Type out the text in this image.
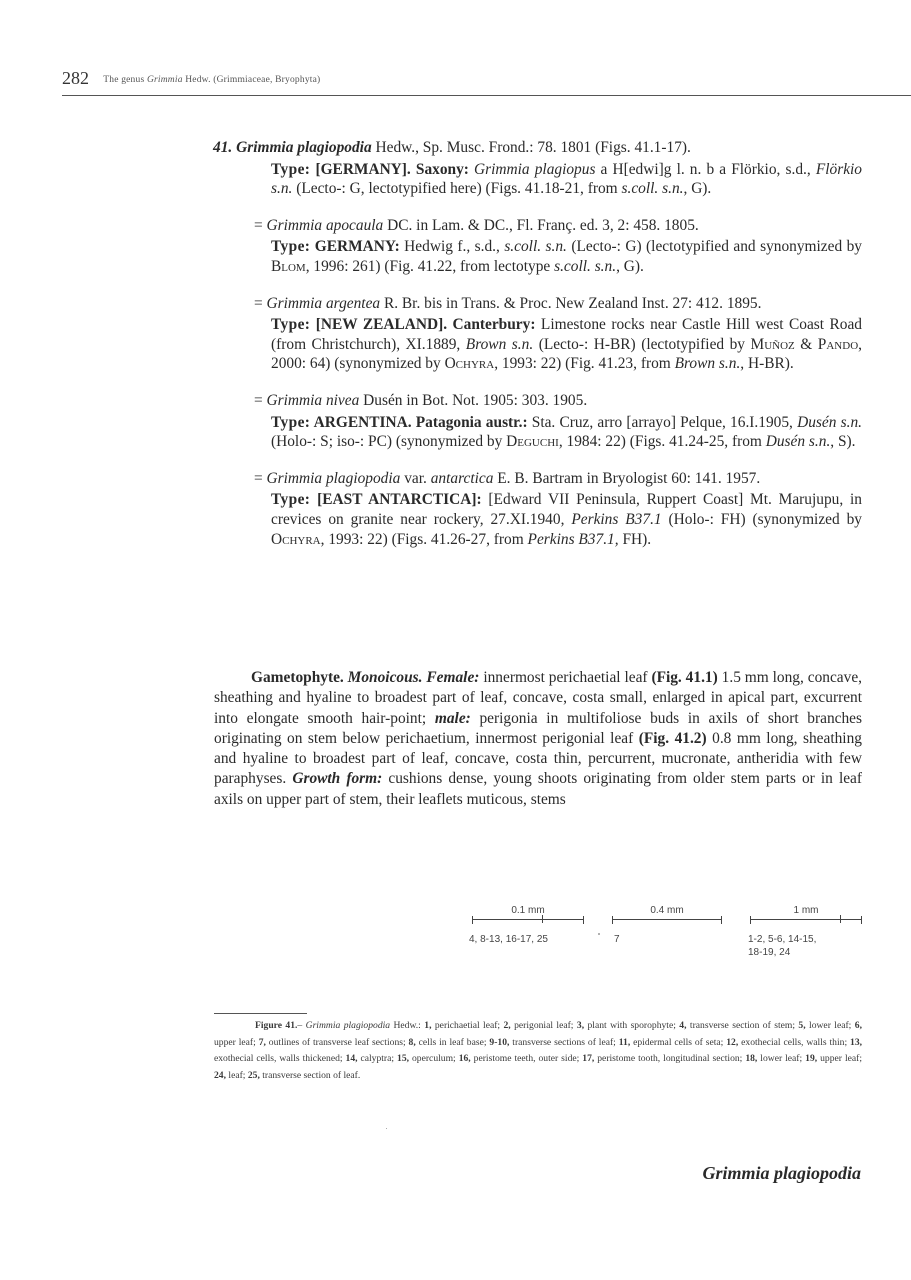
282 The genus Grimmia Hedw. (Grimmiaceae, Bryophyta)
41. Grimmia plagiopodia Hedw., Sp. Musc. Frond.: 78. 1801 (Figs. 41.1-17).
Type: [GERMANY]. Saxony: Grimmia plagiopus a H[edwi]g l. n. b a Flörkio, s.d., Flörkio s.n. (Lecto-: G, lectotypified here) (Figs. 41.18-21, from s.coll. s.n., G).
= Grimmia apocaula DC. in Lam. & DC., Fl. Franç. ed. 3, 2: 458. 1805.
Type: GERMANY: Hedwig f., s.d., s.coll. s.n. (Lecto-: G) (lectotypified and synonymized by Blom, 1996: 261) (Fig. 41.22, from lectotype s.coll. s.n., G).
= Grimmia argentea R. Br. bis in Trans. & Proc. New Zealand Inst. 27: 412. 1895.
Type: [NEW ZEALAND]. Canterbury: Limestone rocks near Castle Hill west Coast Road (from Christchurch), XI.1889, Brown s.n. (Lecto-: H-BR) (lectotypified by Muñoz & Pando, 2000: 64) (synonymized by Ochyra, 1993: 22) (Fig. 41.23, from Brown s.n., H-BR).
= Grimmia nivea Dusén in Bot. Not. 1905: 303. 1905.
Type: ARGENTINA. Patagonia austr.: Sta. Cruz, arro [arrayo] Pelque, 16.I.1905, Dusén s.n. (Holo-: S; iso-: PC) (synonymized by Deguchi, 1984: 22) (Figs. 41.24-25, from Dusén s.n., S).
= Grimmia plagiopodia var. antarctica E. B. Bartram in Bryologist 60: 141. 1957.
Type: [EAST ANTARCTICA]: [Edward VII Peninsula, Ruppert Coast] Mt. Marujupu, in crevices on granite near rockery, 27.XI.1940, Perkins B37.1 (Holo-: FH) (synonymized by Ochyra, 1993: 22) (Figs. 41.26-27, from Perkins B37.1, FH).
Gametophyte. Monoicous. Female: innermost perichaetial leaf (Fig. 41.1) 1.5 mm long, concave, sheathing and hyaline to broadest part of leaf, concave, costa small, enlarged in apical part, excurrent into elongate smooth hair-point; male: perigonia in multifoliose buds in axils of short branches originating on stem below perichaetium, innermost perigonial leaf (Fig. 41.2) 0.8 mm long, sheathing and hyaline to broadest part of leaf, concave, costa thin, percurrent, mucronate, antheridia with few paraphyses. Growth form: cushions dense, young shoots originating from older stem parts or in leaf axils on upper part of stem, their leaflets muticous, stems
0.1 mm
4, 8-13, 16-17, 25
0.4 mm
7
1 mm
1-2, 5-6, 14-15,
18-19, 24
Figure 41.– Grimmia plagiopodia Hedw.: 1, perichaetial leaf; 2, perigonial leaf; 3, plant with sporophyte; 4, transverse section of stem; 5, lower leaf; 6, upper leaf; 7, outlines of transverse leaf sections; 8, cells in leaf base; 9-10, transverse sections of leaf; 11, epidermal cells of seta; 12, exothecial cells, walls thin; 13, exothecial cells, walls thickened; 14, calyptra; 15, operculum; 16, peristome teeth, outer side; 17, peristome tooth, longitudinal section; 18, lower leaf; 19, upper leaf; 24, leaf; 25, transverse section of leaf.
Grimmia plagiopodia
